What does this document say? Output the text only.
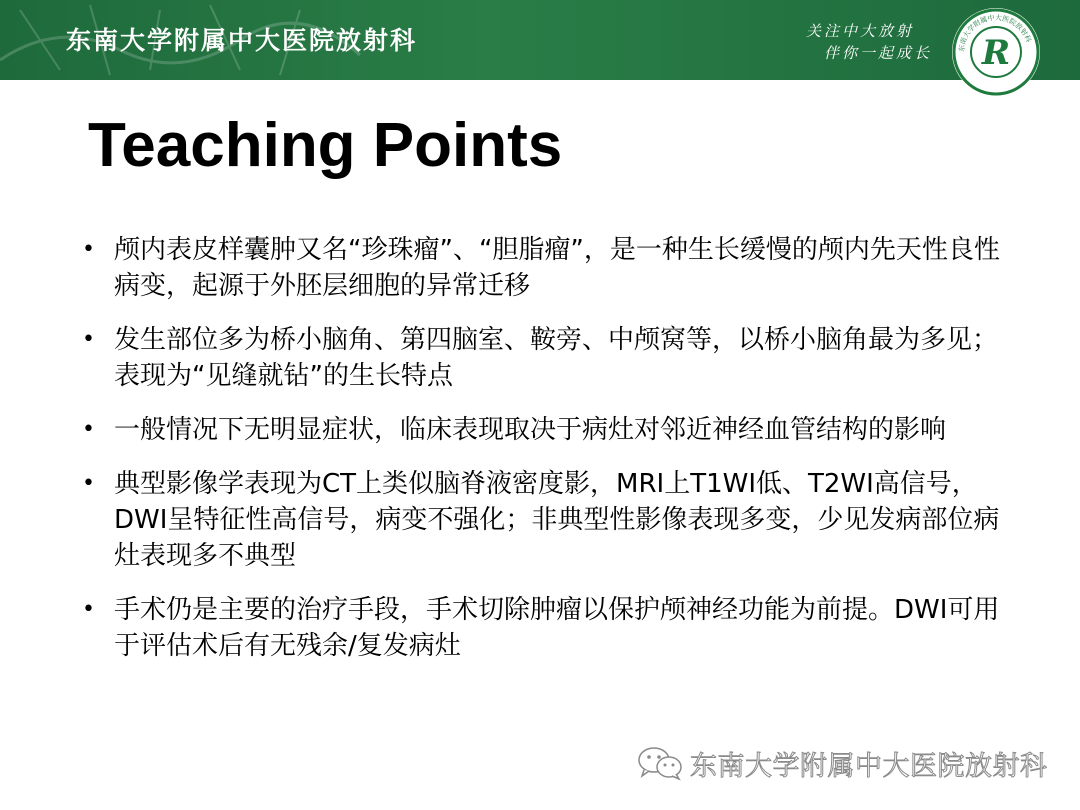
东南大学附属中大医院放射科	关注中大放射
伴你一起成长	东南大学附属中大医院放射科
R
Teaching Points
• 颅内表皮样囊肿又名“珍珠瘤”、“胆脂瘤”，是一种生长缓慢的颅内先天性良性病变，起源于外胚层细胞的异常迁移
• 发生部位多为桥小脑角、第四脑室、鞍旁、中颅窝等，以桥小脑角最为多见；表现为“见缝就钻”的生长特点
• 一般情况下无明显症状，临床表现取决于病灶对邻近神经血管结构的影响
• 典型影像学表现为CT上类似脑脊液密度影，MRI上T1WI低、T2WI高信号，DWI呈特征性高信号，病变不强化；非典型性影像表现多变，少见发病部位病灶表现多不典型
• 手术仍是主要的治疗手段，手术切除肿瘤以保护颅神经功能为前提。DWI可用于评估术后有无残余/复发病灶
东南大学附属中大医院放射科
